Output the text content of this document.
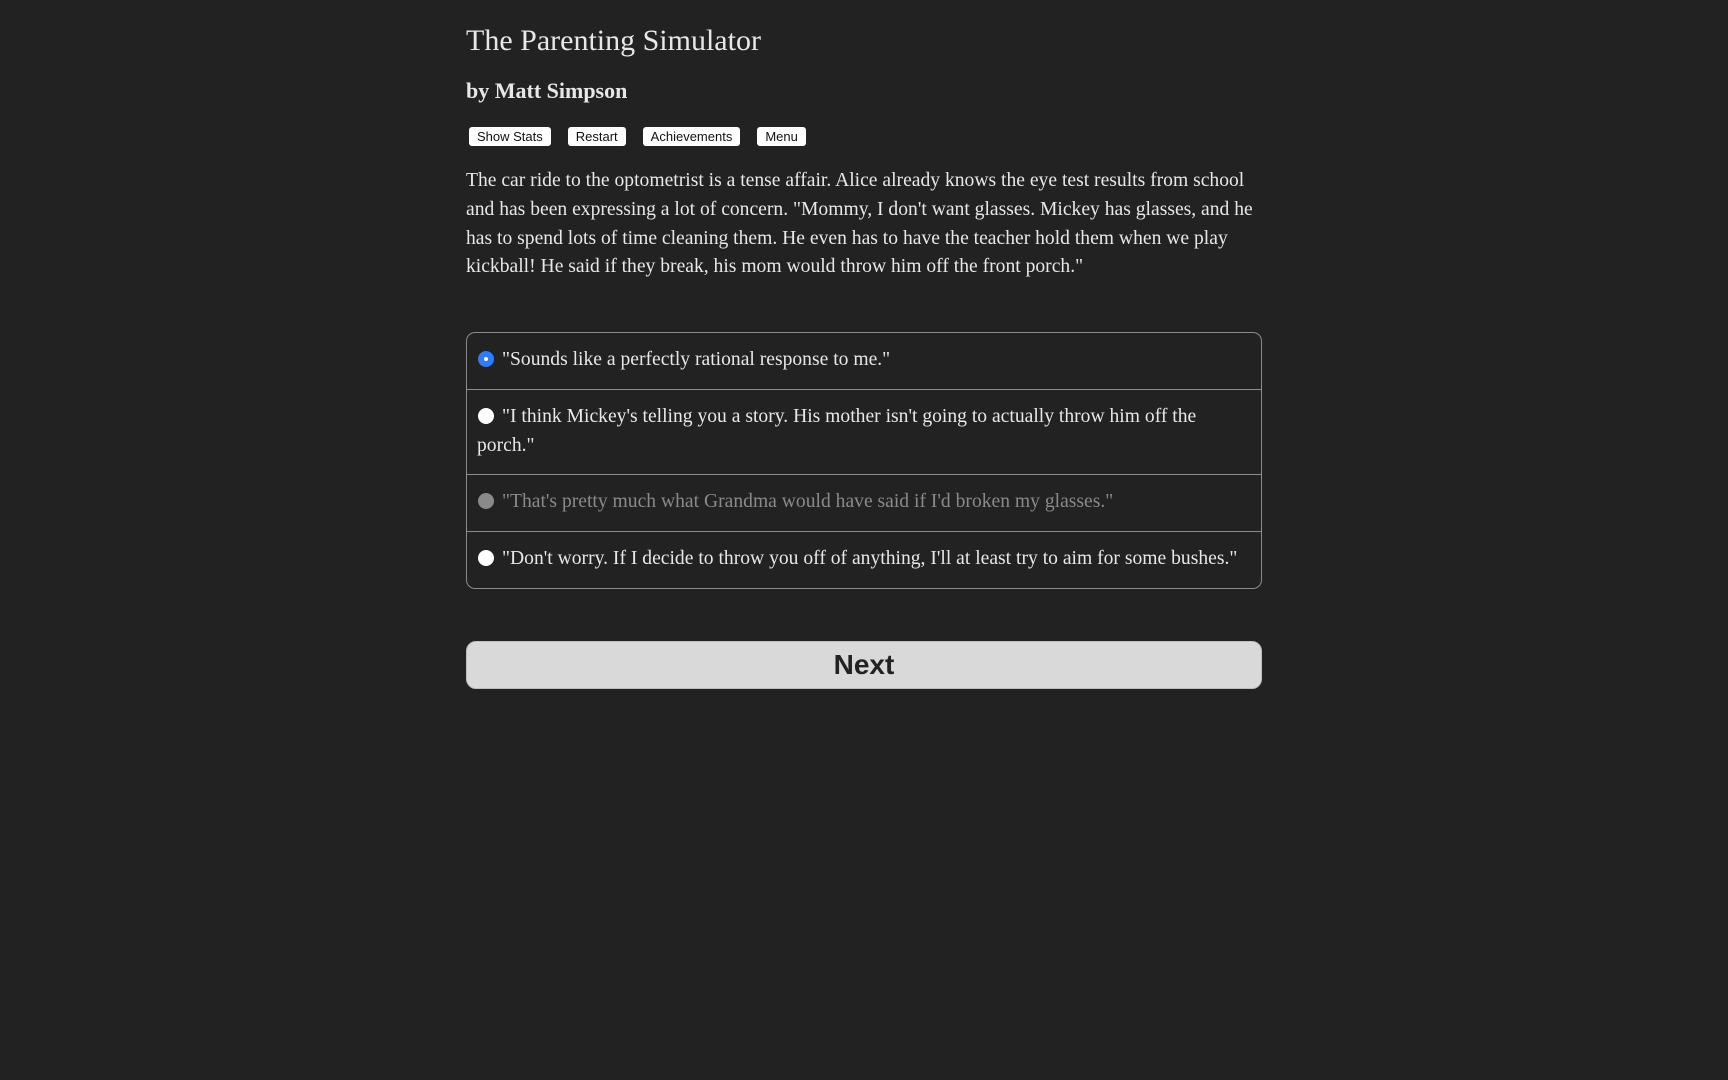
The Parenting Simulator
by Matt Simpson
Show Stats	Restart	Achievements	Menu

The car ride to the optometrist is a tense affair. Alice already knows the eye test results from school and has been expressing a lot of concern. "Mommy, I don't want glasses. Mickey has glasses, and he has to spend lots of time cleaning them. He even has to have the teacher hold them when we play kickball! He said if they break, his mom would throw him off the front porch."

"Sounds like a perfectly rational response to me."
"I think Mickey's telling you a story. His mother isn't going to actually throw him off the porch."
"That's pretty much what Grandma would have said if I'd broken my glasses."
"Don't worry. If I decide to throw you off of anything, I'll at least try to aim for some bushes."
Next
